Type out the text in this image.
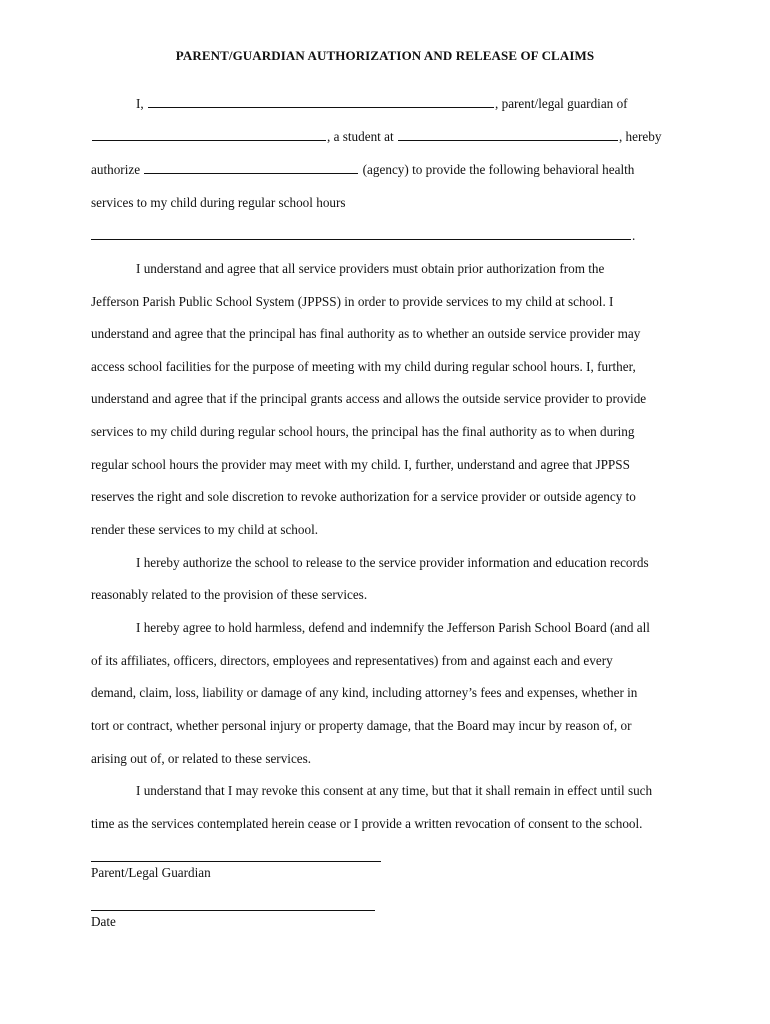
PARENT/GUARDIAN AUTHORIZATION AND RELEASE OF CLAIMS
I,	, parent/legal guardian of
, a student at	, hereby
authorize	(agency) to provide the following behavioral health
services to my child during regular school hours
.
I understand and agree that all service providers must obtain prior authorization from the
Jefferson Parish Public School System (JPPSS) in order to provide services to my child at school. I
understand and agree that the principal has final authority as to whether an outside service provider may
access school facilities for the purpose of meeting with my child during regular school hours. I, further,
understand and agree that if the principal grants access and allows the outside service provider to provide
services to my child during regular school hours, the principal has the final authority as to when during
regular school hours the provider may meet with my child. I, further, understand and agree that JPPSS
reserves the right and sole discretion to revoke authorization for a service provider or outside agency to
render these services to my child at school.
I hereby authorize the school to release to the service provider information and education records
reasonably related to the provision of these services.
I hereby agree to hold harmless, defend and indemnify the Jefferson Parish School Board (and all
of its affiliates, officers, directors, employees and representatives) from and against each and every
demand, claim, loss, liability or damage of any kind, including attorney’s fees and expenses, whether in
tort or contract, whether personal injury or property damage, that the Board may incur by reason of, or
arising out of, or related to these services.
I understand that I may revoke this consent at any time, but that it shall remain in effect until such
time as the services contemplated herein cease or I provide a written revocation of consent to the school.
Parent/Legal Guardian
Date
